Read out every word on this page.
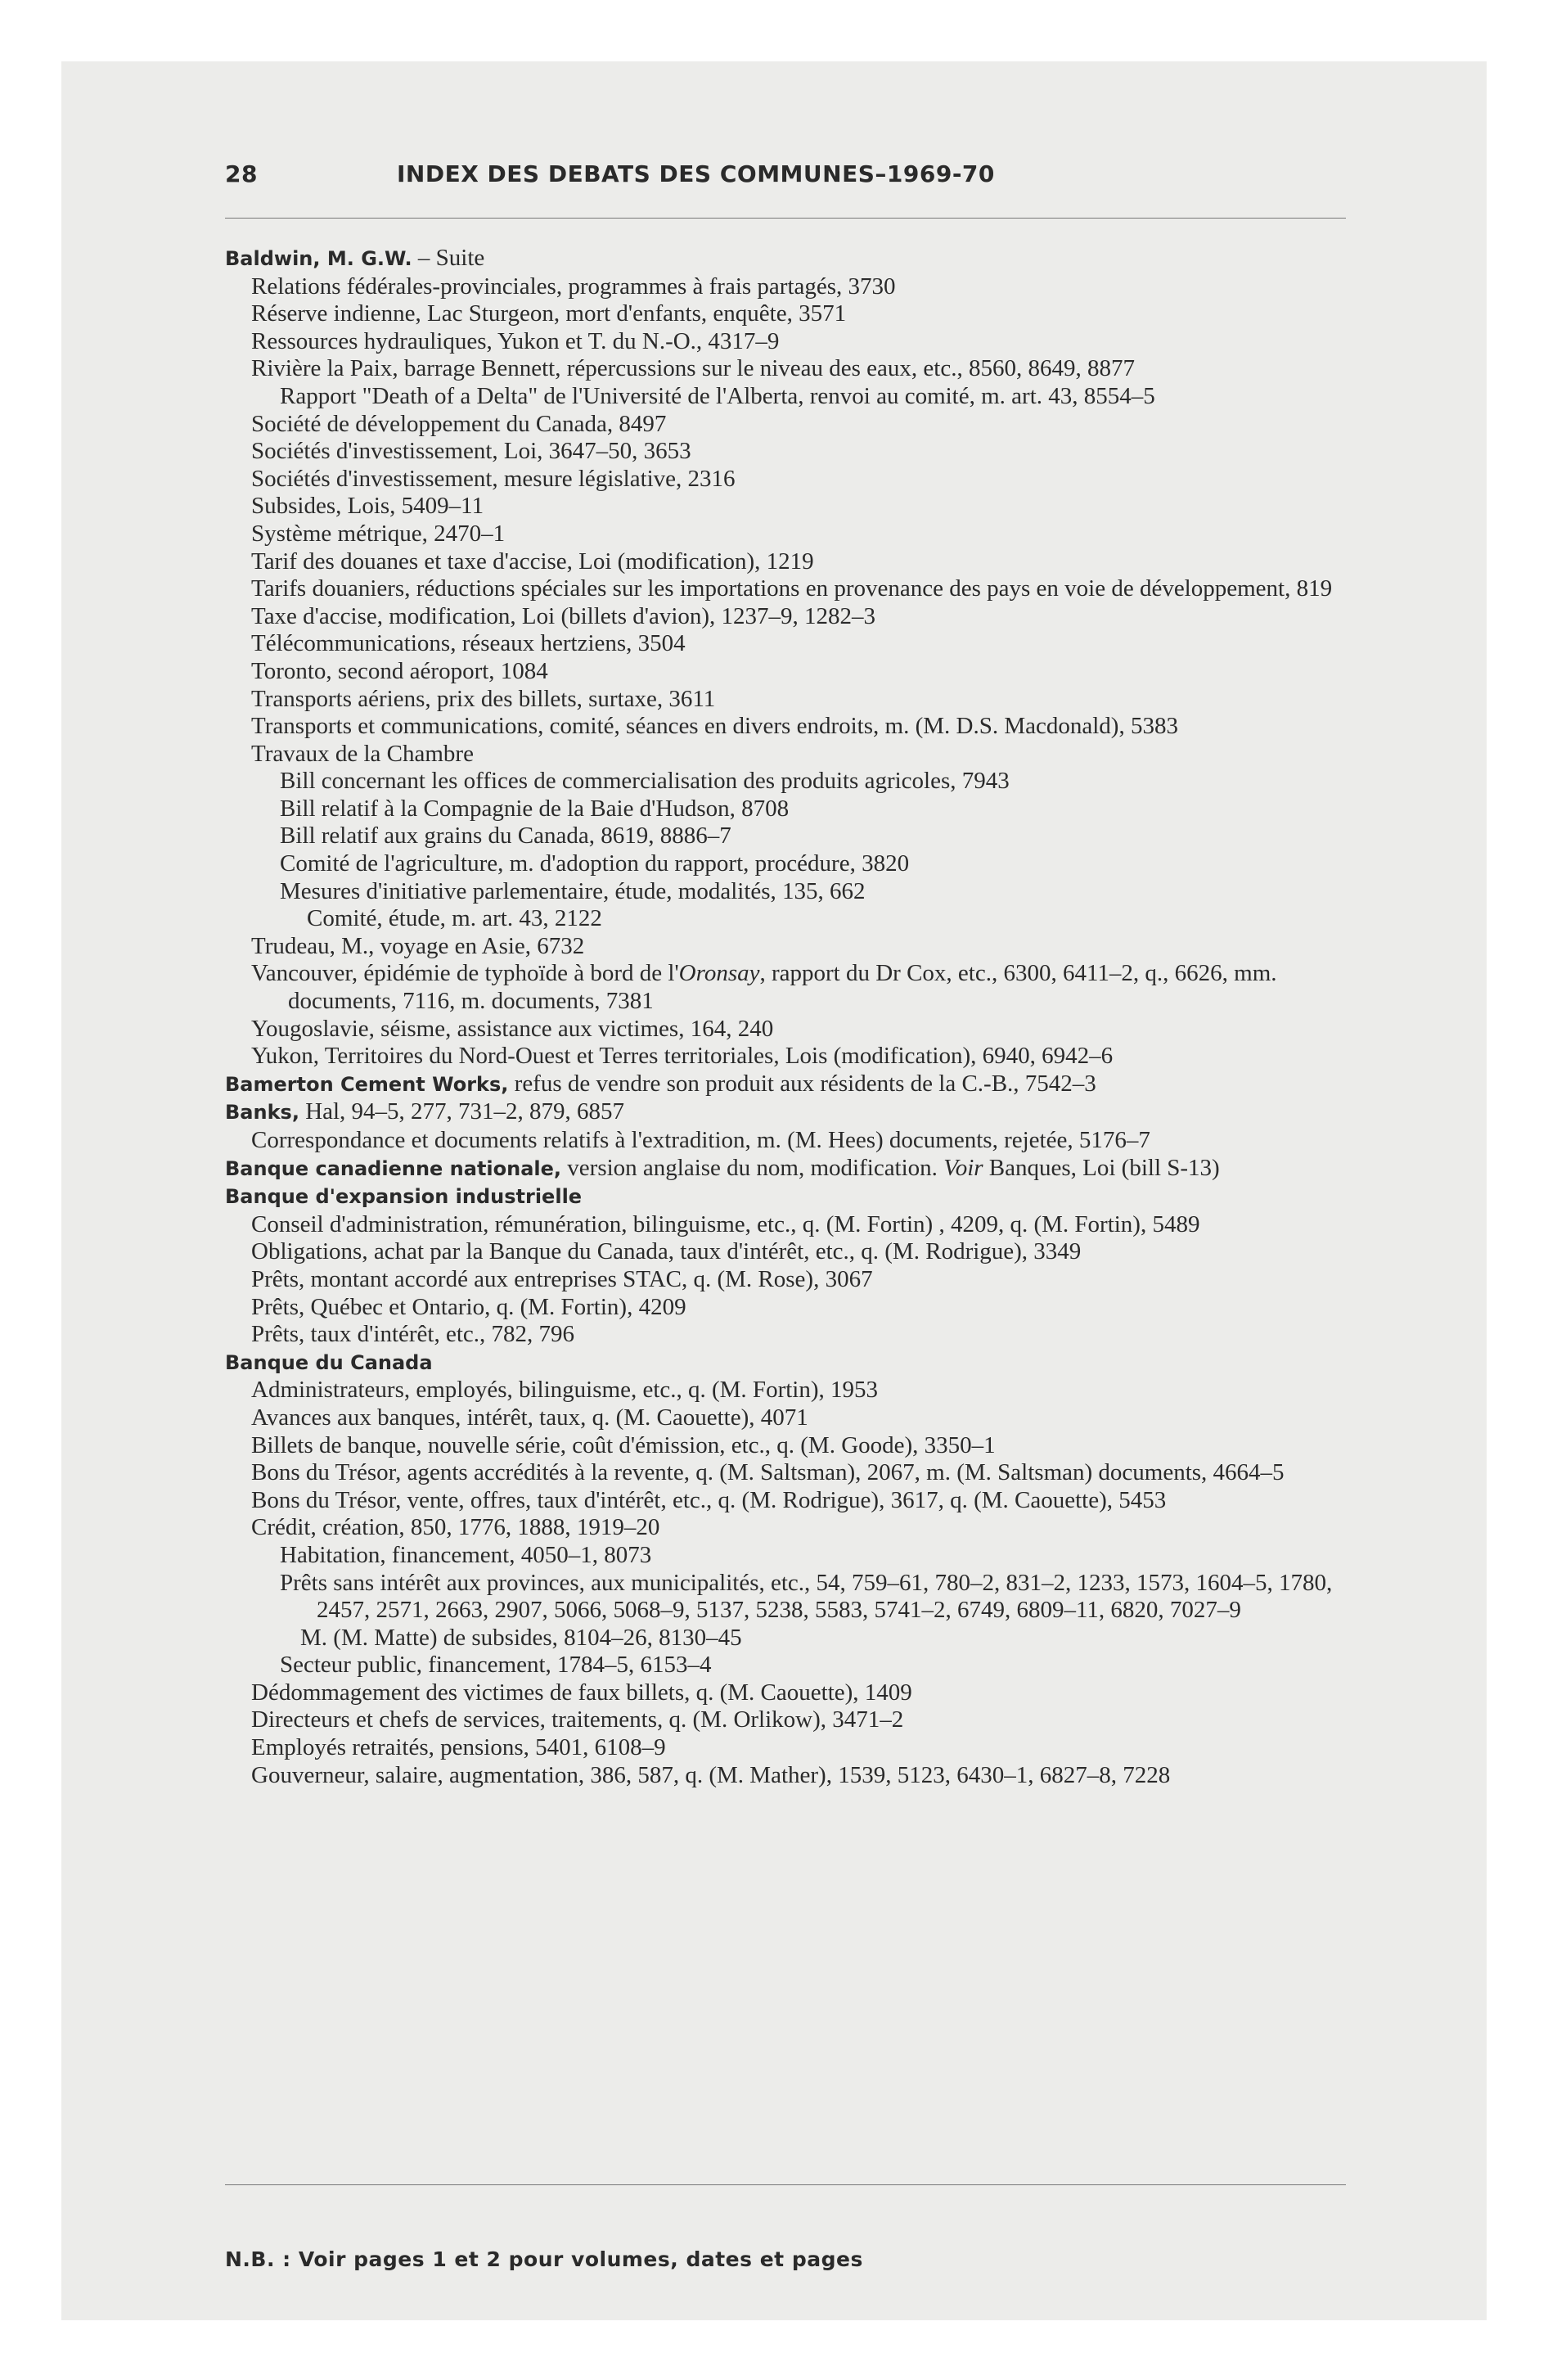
28	INDEX DES DEBATS DES COMMUNES–1969-70

Baldwin, M. G.W. – Suite

Relations fédérales-provinciales, programmes à frais partagés, 3730

Réserve indienne, Lac Sturgeon, mort d'enfants, enquête, 3571

Ressources hydrauliques, Yukon et T. du N.-O., 4317–9

Rivière la Paix, barrage Bennett, répercussions sur le niveau des eaux, etc., 8560, 8649, 8877

Rapport "Death of a Delta" de l'Université de l'Alberta, renvoi au comité, m. art. 43, 8554–5

Société de développement du Canada, 8497

Sociétés d'investissement, Loi, 3647–50, 3653

Sociétés d'investissement, mesure législative, 2316

Subsides, Lois, 5409–11

Système métrique, 2470–1

Tarif des douanes et taxe d'accise, Loi (modification), 1219

Tarifs douaniers, réductions spéciales sur les importations en provenance des pays en voie de développement, 819

Taxe d'accise, modification, Loi (billets d'avion), 1237–9, 1282–3

Télécommunications, réseaux hertziens, 3504

Toronto, second aéroport, 1084

Transports aériens, prix des billets, surtaxe, 3611

Transports et communications, comité, séances en divers endroits, m. (M. D.S. Macdonald), 5383

Travaux de la Chambre

Bill concernant les offices de commercialisation des produits agricoles, 7943

Bill relatif à la Compagnie de la Baie d'Hudson, 8708

Bill relatif aux grains du Canada, 8619, 8886–7

Comité de l'agriculture, m. d'adoption du rapport, procédure, 3820

Mesures d'initiative parlementaire, étude, modalités, 135, 662

Comité, étude, m. art. 43, 2122

Trudeau, M., voyage en Asie, 6732

Vancouver, épidémie de typhoïde à bord de l'Oronsay, rapport du Dr Cox, etc., 6300, 6411–2, q., 6626, mm. documents, 7116, m. documents, 7381

Yougoslavie, séisme, assistance aux victimes, 164, 240

Yukon, Territoires du Nord-Ouest et Terres territoriales, Lois (modification), 6940, 6942–6

Bamerton Cement Works, refus de vendre son produit aux résidents de la C.-B., 7542–3

Banks, Hal, 94–5, 277, 731–2, 879, 6857

Correspondance et documents relatifs à l'extradition, m. (M. Hees) documents, rejetée, 5176–7

Banque canadienne nationale, version anglaise du nom, modification. Voir Banques, Loi (bill S-13)

Banque d'expansion industrielle

Conseil d'administration, rémunération, bilinguisme, etc., q. (M. Fortin) , 4209, q. (M. Fortin), 5489

Obligations, achat par la Banque du Canada, taux d'intérêt, etc., q. (M. Rodrigue), 3349

Prêts, montant accordé aux entreprises STAC, q. (M. Rose), 3067

Prêts, Québec et Ontario, q. (M. Fortin), 4209

Prêts, taux d'intérêt, etc., 782, 796

Banque du Canada

Administrateurs, employés, bilinguisme, etc., q. (M. Fortin), 1953

Avances aux banques, intérêt, taux, q. (M. Caouette), 4071

Billets de banque, nouvelle série, coût d'émission, etc., q. (M. Goode), 3350–1

Bons du Trésor, agents accrédités à la revente, q. (M. Saltsman), 2067, m. (M. Saltsman) documents, 4664–5

Bons du Trésor, vente, offres, taux d'intérêt, etc., q. (M. Rodrigue), 3617, q. (M. Caouette), 5453

Crédit, création, 850, 1776, 1888, 1919–20

Habitation, financement, 4050–1, 8073

Prêts sans intérêt aux provinces, aux municipalités, etc., 54, 759–61, 780–2, 831–2, 1233, 1573, 1604–5, 1780, 2457, 2571, 2663, 2907, 5066, 5068–9, 5137, 5238, 5583, 5741–2, 6749, 6809–11, 6820, 7027–9

M. (M. Matte) de subsides, 8104–26, 8130–45

Secteur public, financement, 1784–5, 6153–4

Dédommagement des victimes de faux billets, q. (M. Caouette), 1409

Directeurs et chefs de services, traitements, q. (M. Orlikow), 3471–2

Employés retraités, pensions, 5401, 6108–9

Gouverneur, salaire, augmentation, 386, 587, q. (M. Mather), 1539, 5123, 6430–1, 6827–8, 7228

N.B. : Voir pages 1 et 2 pour volumes, dates et pages
